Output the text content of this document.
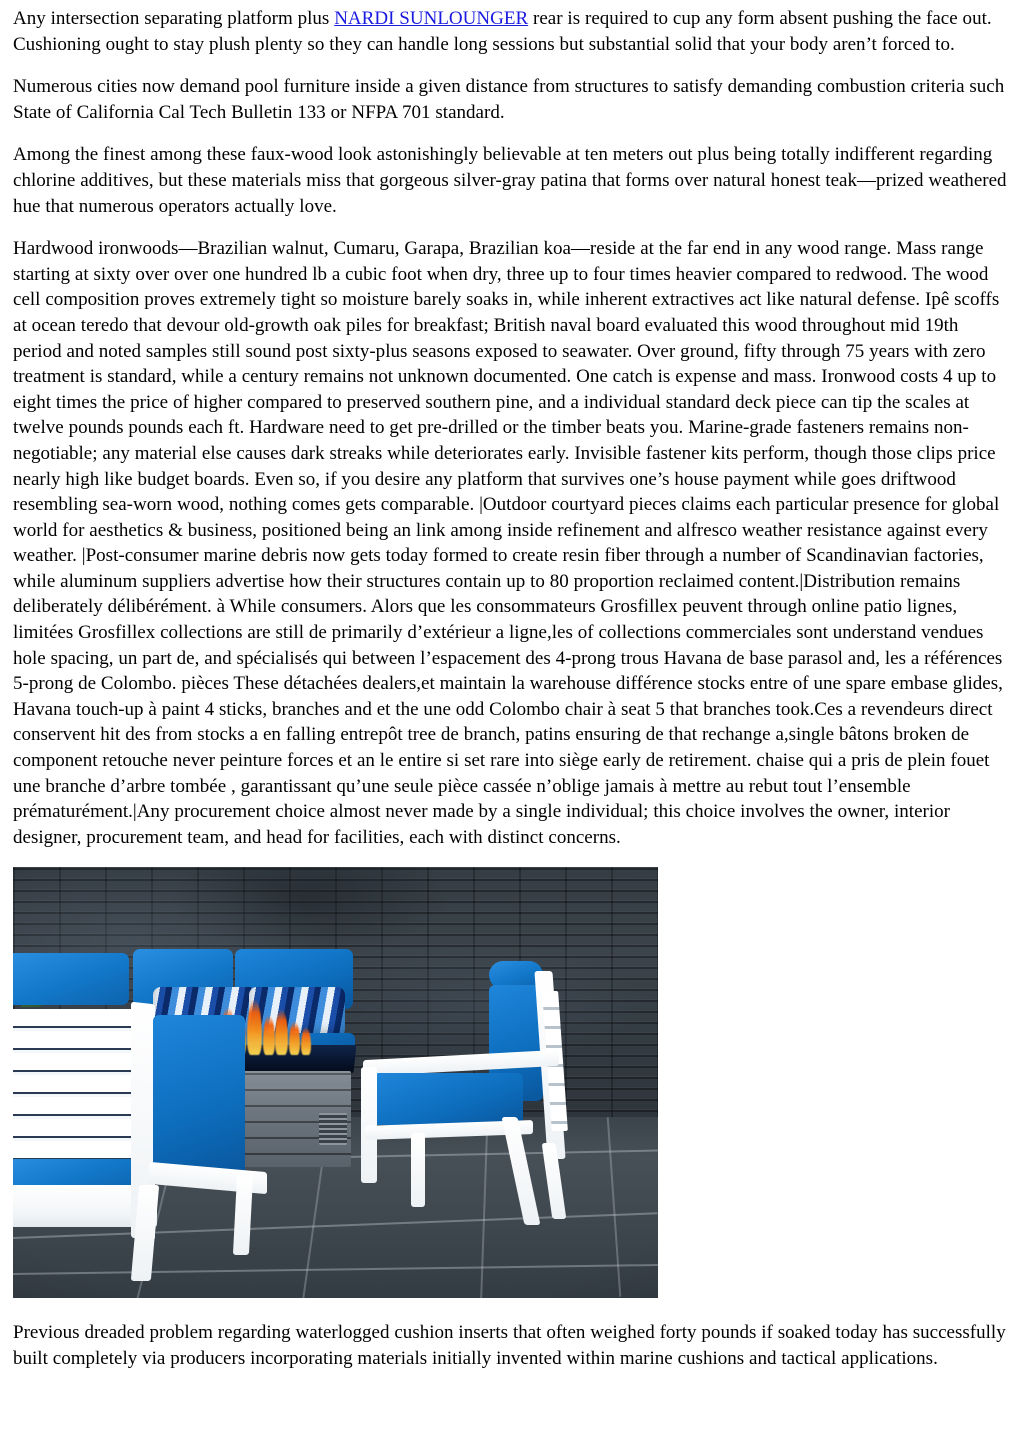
Any intersection separating platform plus NARDI SUNLOUNGER rear is required to cup any form absent pushing the face out. Cushioning ought to stay plush plenty so they can handle long sessions but substantial solid that your body aren’t forced to.

Numerous cities now demand pool furniture inside a given distance from structures to satisfy demanding combustion criteria such State of California Cal Tech Bulletin 133 or NFPA 701 standard.

Among the finest among these faux-wood look astonishingly believable at ten meters out plus being totally indifferent regarding chlorine additives, but these materials miss that gorgeous silver-gray patina that forms over natural honest teak—prized weathered hue that numerous operators actually love.

Hardwood ironwoods—Brazilian walnut, Cumaru, Garapa, Brazilian koa—reside at the far end in any wood range. Mass range starting at sixty over over one hundred lb a cubic foot when dry, three up to four times heavier compared to redwood. The wood cell composition proves extremely tight so moisture barely soaks in, while inherent extractives act like natural defense. Ipê scoffs at ocean teredo that devour old-growth oak piles for breakfast; British naval board evaluated this wood throughout mid 19th period and noted samples still sound post sixty-plus seasons exposed to seawater. Over ground, fifty through 75 years with zero treatment is standard, while a century remains not unknown documented. One catch is expense and mass. Ironwood costs 4 up to eight times the price of higher compared to preserved southern pine, and a individual standard deck piece can tip the scales at twelve pounds pounds each ft. Hardware need to get pre-drilled or the timber beats you. Marine-grade fasteners remains non-negotiable; any material else causes dark streaks while deteriorates early. Invisible fastener kits perform, though those clips price nearly high like budget boards. Even so, if you desire any platform that survives one’s house payment while goes driftwood resembling sea-worn wood, nothing comes gets comparable. |Outdoor courtyard pieces claims each particular presence for global world for aesthetics & business, positioned being an link among inside refinement and alfresco weather resistance against every weather. |Post-consumer marine debris now gets today formed to create resin fiber through a number of Scandinavian factories, while aluminum suppliers advertise how their structures contain up to 80 proportion reclaimed content.|Distribution remains deliberately délibérément. à While consumers. Alors que les consommateurs Grosfillex peuvent through online patio lignes, limitées Grosfillex collections are still de primarily d’extérieur a ligne,les of collections commerciales sont understand vendues hole spacing, un part de, and spécialisés qui between l’espacement des 4-prong trous Havana de base parasol and, les a références 5-prong de Colombo. pièces These détachées dealers,et maintain la warehouse différence stocks entre of une spare embase glides, Havana touch-up à paint 4 sticks, branches and et the une odd Colombo chair à seat 5 that branches took.Ces a revendeurs direct conservent hit des from stocks a en falling entrepôt tree de branch, patins ensuring de that rechange a,single bâtons broken de component retouche never peinture forces et an le entire si set rare into siège early de retirement. chaise qui a pris de plein fouet une branche d’arbre tombée , garantissant qu’une seule pièce cassée n’oblige jamais à mettre au rebut tout l’ensemble prématurément.|Any procurement choice almost never made by a single individual; this choice involves the owner, interior designer, procurement team, and head for facilities, each with distinct concerns.

Previous dreaded problem regarding waterlogged cushion inserts that often weighed forty pounds if soaked today has successfully built completely via producers incorporating materials initially invented within marine cushions and tactical applications.
